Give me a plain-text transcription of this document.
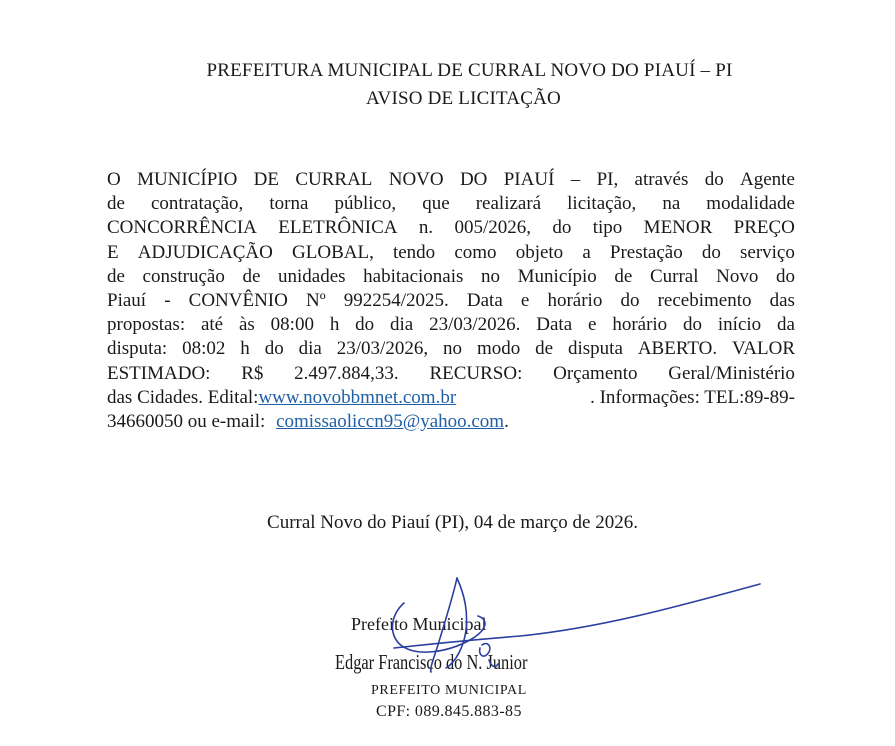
PREFEITURA MUNICIPAL DE CURRAL NOVO DO PIAUÍ – PI
AVISO DE LICITAÇÃO
O MUNICÍPIO DE CURRAL NOVO DO PIAUÍ – PI, através do Agente
de contratação, torna público, que realizará licitação, na modalidade
CONCORRÊNCIA ELETRÔNICA n. 005/2026, do tipo MENOR PREÇO
E ADJUDICAÇÃO GLOBAL, tendo como objeto a Prestação do serviço
de construção de unidades habitacionais no Município de Curral Novo do
Piauí - CONVÊNIO Nº 992254/2025. Data e horário do recebimento das
propostas: até às 08:00 h do dia 23/03/2026. Data e horário do início da
disputa: 08:02 h do dia 23/03/2026, no modo de disputa ABERTO. VALOR
ESTIMADO: R$ 2.497.884,33. RECURSO: Orçamento Geral/Ministério
das Cidades. Edital:www.novobbmnet.com.br	. Informações: TEL:89-89-
34660050 ou e-mail: comissaoliccn95@yahoo.com.
Curral Novo do Piauí (PI), 04 de março de 2026.
Prefeito Municipal
Edgar Francisco do N. Junior
PREFEITO MUNICIPAL
CPF: 089.845.883-85
